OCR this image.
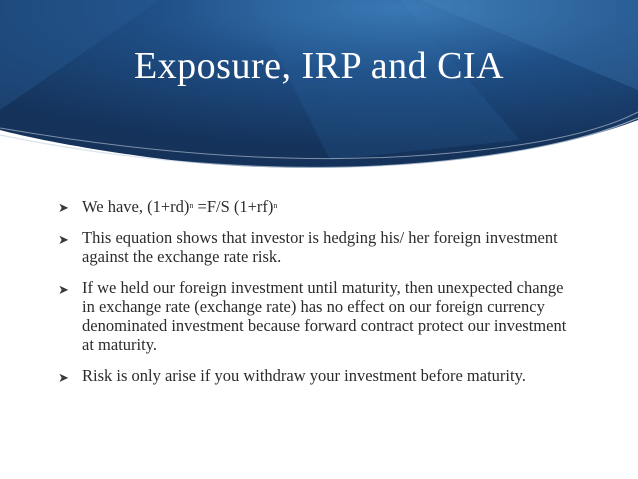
Exposure, IRP and CIA
➤ We have, $(1+rd)^n =F/S$ $(1+rf)^n$
➤ This equation shows that investor is hedging his/ her foreign investment against the exchange rate risk.
➤ If we held our foreign investment until maturity, then unexpected change in exchange rate (exchange rate) has no effect on our foreign currency denominated investment because forward contract protect our investment at maturity.
➤ Risk is only arise if you withdraw your investment before maturity.
